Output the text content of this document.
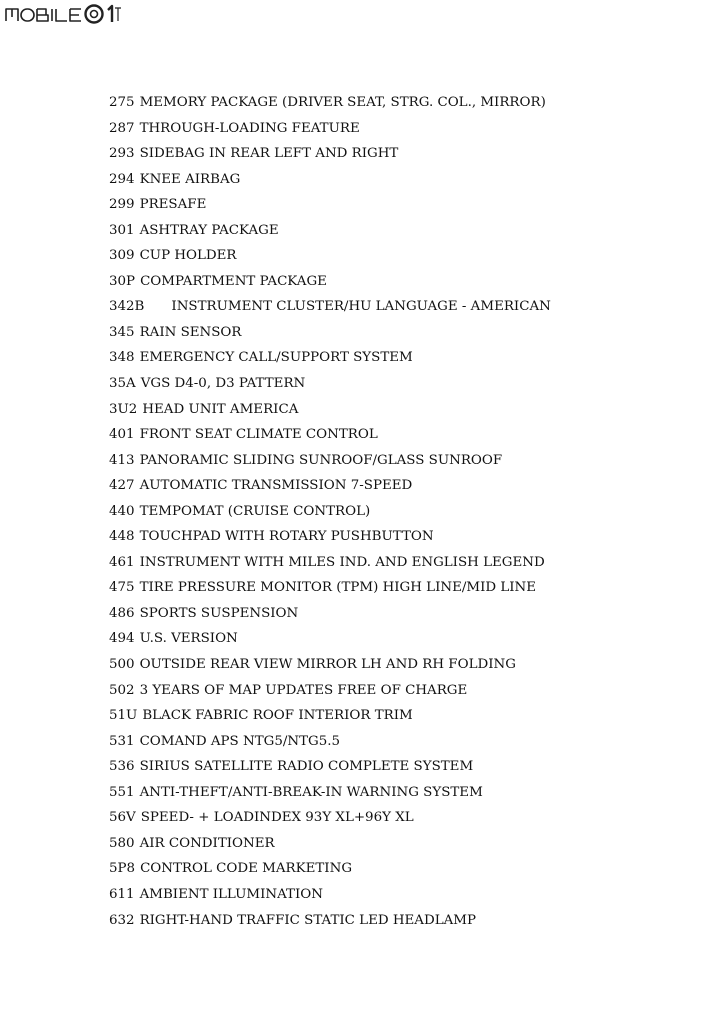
275 MEMORY PACKAGE (DRIVER SEAT, STRG. COL., MIRROR)
287 THROUGH-LOADING FEATURE
293 SIDEBAG IN REAR LEFT AND RIGHT
294 KNEE AIRBAG
299 PRESAFE
301 ASHTRAY PACKAGE
309 CUP HOLDER
30P COMPARTMENT PACKAGE
342B INSTRUMENT CLUSTER/HU LANGUAGE - AMERICAN
345 RAIN SENSOR
348 EMERGENCY CALL/SUPPORT SYSTEM
35A VGS D4-0, D3 PATTERN
3U2 HEAD UNIT AMERICA
401 FRONT SEAT CLIMATE CONTROL
413 PANORAMIC SLIDING SUNROOF/GLASS SUNROOF
427 AUTOMATIC TRANSMISSION 7-SPEED
440 TEMPOMAT (CRUISE CONTROL)
448 TOUCHPAD WITH ROTARY PUSHBUTTON
461 INSTRUMENT WITH MILES IND. AND ENGLISH LEGEND
475 TIRE PRESSURE MONITOR (TPM) HIGH LINE/MID LINE
486 SPORTS SUSPENSION
494 U.S. VERSION
500 OUTSIDE REAR VIEW MIRROR LH AND RH FOLDING
502 3 YEARS OF MAP UPDATES FREE OF CHARGE
51U BLACK FABRIC ROOF INTERIOR TRIM
531 COMAND APS NTG5/NTG5.5
536 SIRIUS SATELLITE RADIO COMPLETE SYSTEM
551 ANTI-THEFT/ANTI-BREAK-IN WARNING SYSTEM
56V SPEED- + LOADINDEX 93Y XL+96Y XL
580 AIR CONDITIONER
5P8 CONTROL CODE MARKETING
611 AMBIENT ILLUMINATION
632 RIGHT-HAND TRAFFIC STATIC LED HEADLAMP
